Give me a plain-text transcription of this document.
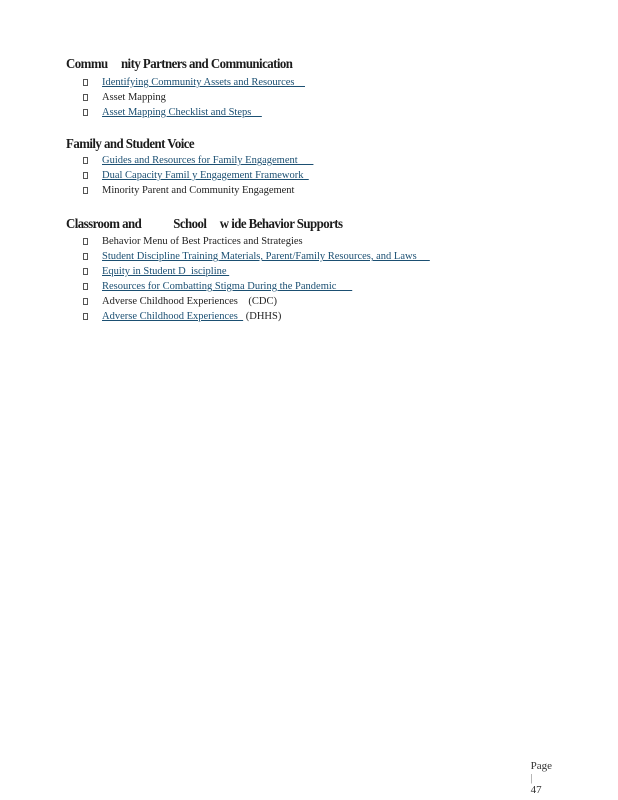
Commu     nity Partners and Communication
Identifying Community Assets and Resources
Asset Mapping
Asset Mapping Checklist and Steps
Family and Student Voice
Guides and Resources for Family Engagement
Dual Capacity Famil y Engagement Framework
Minority Parent and Community Engagement
Classroom and            School     w ide Behavior Supports
Behavior Menu of Best Practices and Strategies
Student Discipline Training Materials, Parent/Family Resources, and Laws
Equity in Student D  iscipline
Resources for Combatting Stigma During the Pandemic
Adverse Childhood Experiences    (CDC)
Adverse Childhood Experiences   (DHHS)

Page
|
47
